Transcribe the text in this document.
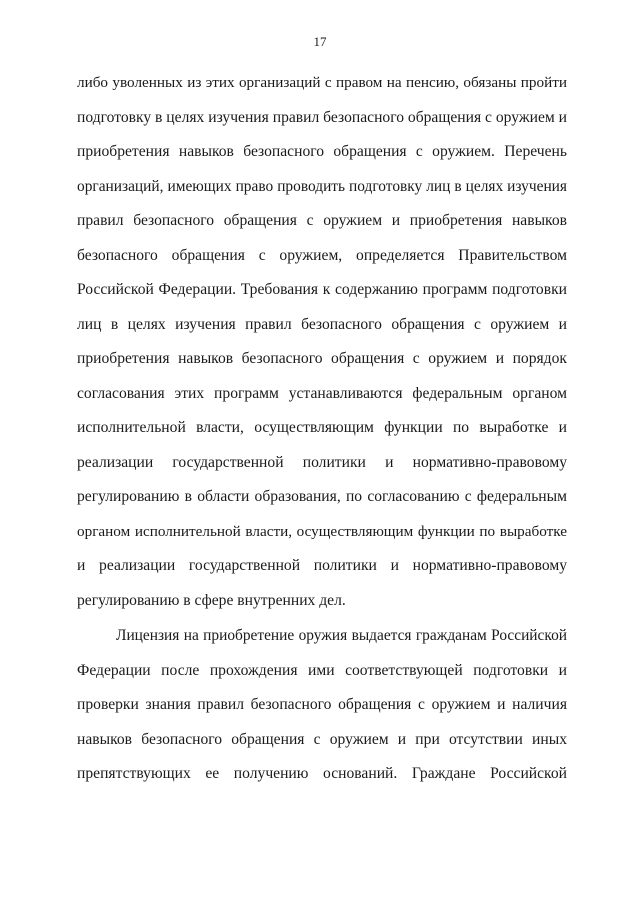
17
либо уволенных из этих организаций с правом на пенсию, обязаны пройти
подготовку в целях изучения правил безопасного обращения с оружием и
приобретения навыков безопасного обращения с оружием. Перечень
организаций, имеющих право проводить подготовку лиц в целях изучения
правил безопасного обращения с оружием и приобретения навыков
безопасного обращения с оружием, определяется Правительством
Российской Федерации. Требования к содержанию программ подготовки
лиц в целях изучения правил безопасного обращения с оружием и
приобретения навыков безопасного обращения с оружием и порядок
согласования этих программ устанавливаются федеральным органом
исполнительной власти, осуществляющим функции по выработке и
реализации государственной политики и нормативно-правовому
регулированию в области образования, по согласованию с федеральным
органом исполнительной власти, осуществляющим функции по выработке
и реализации государственной политики и нормативно-правовому
регулированию в сфере внутренних дел.
Лицензия на приобретение оружия выдается гражданам Российской
Федерации после прохождения ими соответствующей подготовки и
проверки знания правил безопасного обращения с оружием и наличия
навыков безопасного обращения с оружием и при отсутствии иных
препятствующих ее получению оснований. Граждане Российской
